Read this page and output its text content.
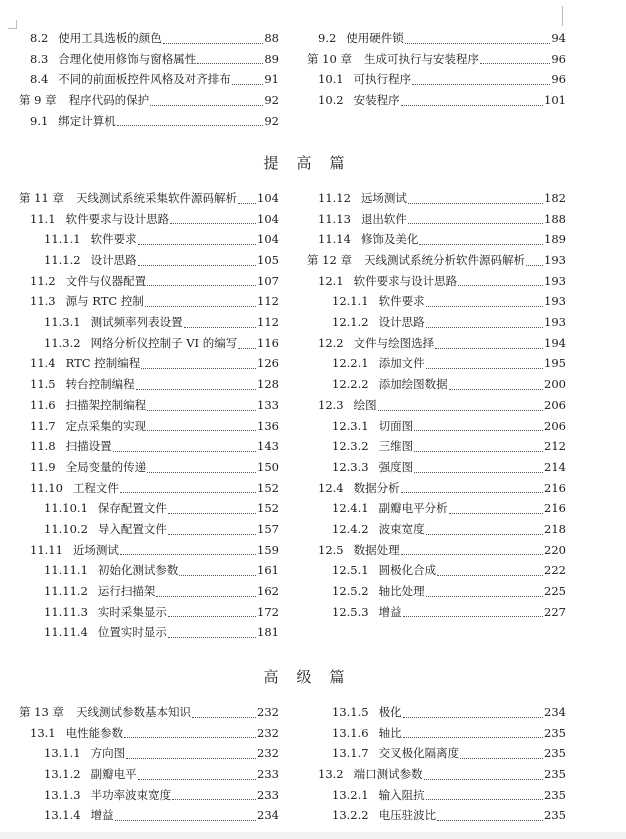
8.2 使用工具选板的颜色	88
8.3 合理化使用修饰与窗格属性	89
8.4 不同的前面板控件风格及对齐排布	91
第 9 章 程序代码的保护	92
9.1 绑定计算机	92
9.2 使用硬件锁	94
第 10 章 生成可执行与安装程序	96
10.1 可执行程序	96
10.2 安装程序	101
提高篇
第 11 章 天线测试系统采集软件源码解析 104
11.1 软件要求与设计思路	104
11.1.1 软件要求	104
11.1.2 设计思路	105
11.2 文件与仪器配置	107
11.3 源与 RTC 控制	112
11.3.1 测试频率列表设置	112
11.3.2 网络分析仪控制子 VI 的编写 116
11.4 RTC 控制编程	126
11.5 转台控制编程	128
11.6 扫描架控制编程	133
11.7 定点采集的实现	136
11.8 扫描设置	143
11.9 全局变量的传递	150
11.10 工程文件	152
11.10.1 保存配置文件	152
11.10.2 导入配置文件	157
11.11 近场测试	159
11.11.1 初始化测试参数	161
11.11.2 运行扫描架	162
11.11.3 实时采集显示	172
11.11.4 位置实时显示	181
11.12 远场测试	182
11.13 退出软件	188
11.14 修饰及美化	189
第 12 章 天线测试系统分析软件源码解析 193
12.1 软件要求与设计思路	193
12.1.1 软件要求	193
12.1.2 设计思路	193
12.2 文件与绘图选择	194
12.2.1 添加文件	195
12.2.2 添加绘图数据	200
12.3 绘图	206
12.3.1 切面图	206
12.3.2 三维图	212
12.3.3 强度图	214
12.4 数据分析	216
12.4.1 副瓣电平分析	216
12.4.2 波束宽度	218
12.5 数据处理	220
12.5.1 圆极化合成	222
12.5.2 轴比处理	225
12.5.3 增益	227
高级篇
第 13 章 天线测试参数基本知识	232
13.1 电性能参数	232
13.1.1 方向图	232
13.1.2 副瓣电平	233
13.1.3 半功率波束宽度	233
13.1.4 增益	234
13.1.5 极化	234
13.1.6 轴比	235
13.1.7 交叉极化隔离度	235
13.2 端口测试参数	235
13.2.1 输入阻抗	235
13.2.2 电压驻波比	235
